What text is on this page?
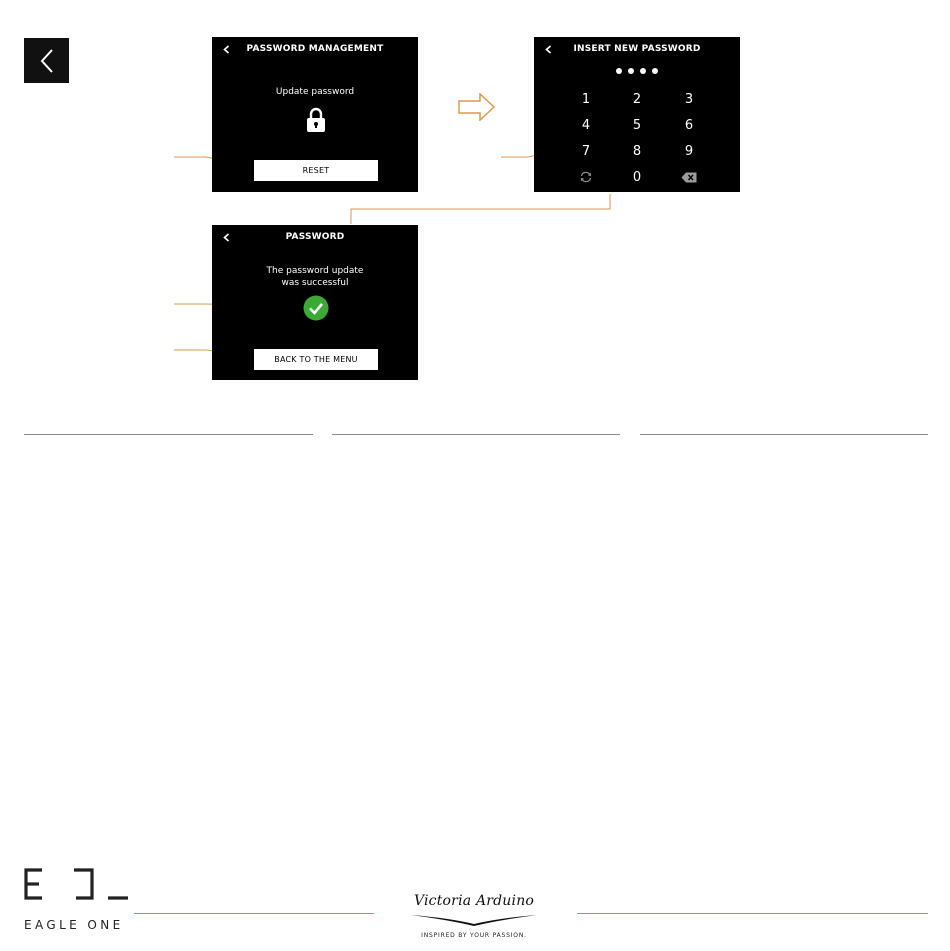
PASSWORD MANAGEMENT
Update password
RESET
INSERT NEW PASSWORD
1	2	3
4	5	6
7	8	9
0
PASSWORD
The password update
was successful
BACK TO THE MENU
EAGLE ONE
Victoria Arduino
INSPIRED BY YOUR PASSION.
